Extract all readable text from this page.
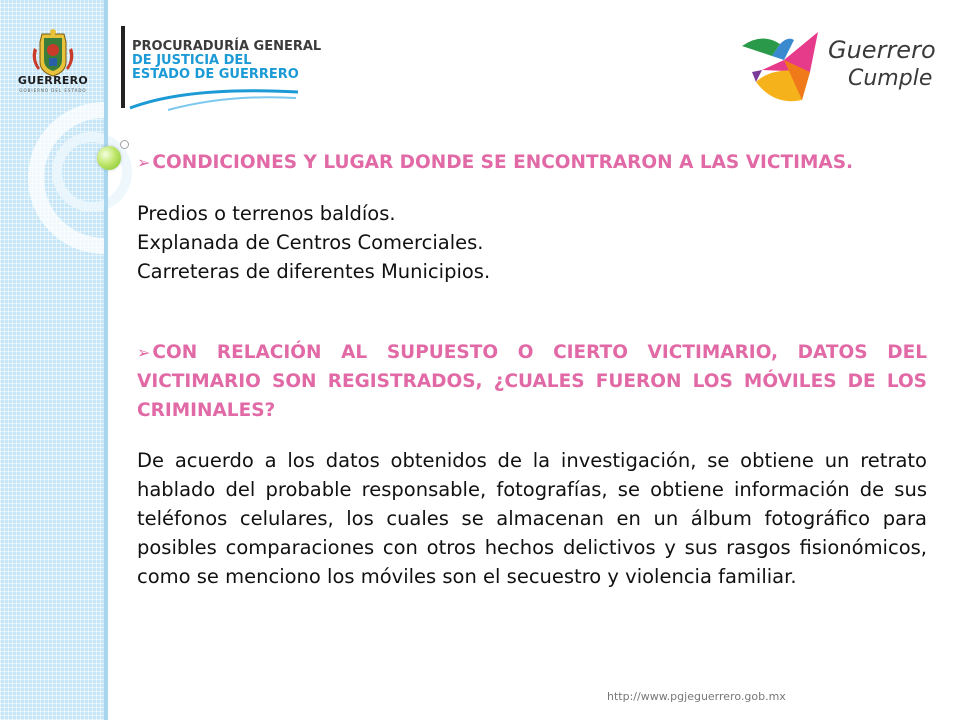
GUERRERO
GOBIERNO DEL ESTADO
PROCURADURÍA GENERAL
DE JUSTICIA DEL
ESTADO DE GUERRERO
Guerrero
Cumple

➢ CONDICIONES Y LUGAR DONDE SE ENCONTRARON A LAS VICTIMAS.

Predios o terrenos baldíos.

Explanada de Centros Comerciales.

Carreteras de diferentes Municipios.

➢ CON RELACIÓN AL SUPUESTO O CIERTO VICTIMARIO, DATOS DEL VICTIMARIO SON REGISTRADOS, ¿CUALES FUERON LOS MÓVILES DE LOS CRIMINALES?

De acuerdo a los datos obtenidos de la investigación, se obtiene un retrato hablado del probable responsable, fotografías, se obtiene información de sus teléfonos celulares, los cuales se almacenan en un álbum fotográfico para posibles comparaciones con otros hechos delictivos y sus rasgos fisionómicos, como se menciono los móviles son el secuestro y violencia familiar.

http://www.pgjeguerrero.gob.mx
